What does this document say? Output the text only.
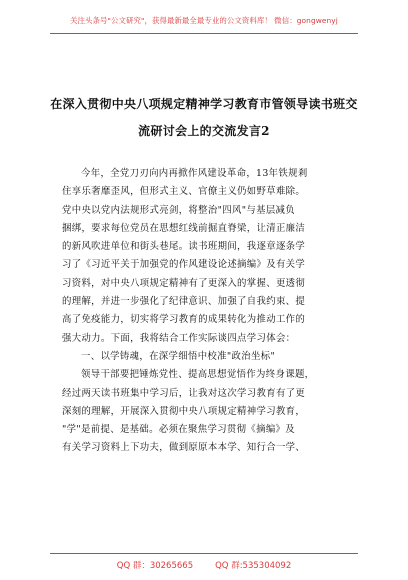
关注头条号"公文研究"，获得最新最全最专业的公文资料库！ 微信：gongwenyj
在深入贯彻中央八项规定精神学习教育市管领导读书班交
流研讨会上的交流发言2
今年，全党刀刃向内再掀作风建设革命，13年铁规剎
住享乐奢靡歪风，但形式主义、官僚主义仍如野草难除。
党中央以党内法规形式亮剑，将整治"四风"与基层减负
捆绑，要求每位党员在思想红线前掘直脊梁，让清正廉洁
的新风吹进单位和街头巷尾。读书班期间，我逐章逐条学
习了《习近平关于加强党的作风建设论述摘编》及有关学
习资料，对中央八项规定精神有了更深入的掌握、更透彻
的理解，并进一步强化了纪律意识、加强了自我约束、提
高了免疫能力，切实将学习教育的成果转化为推动工作的
强大动力。下面，我将结合工作实际谈四点学习体会：
一、以学铸魂，在深学细悟中校准"政治坐标"
领导干部要把锤炼党性、提高思想觉悟作为终身课题，
经过两天读书班集中学习后，让我对这次学习教育有了更
深刻的理解，开展深入贯彻中央八项规定精神学习教育，
"学"是前提、是基础。必须在聚焦学习贯彻《摘编》及
有关学习资料上下功夫，做到原原本本学、知行合一学、
QQ 群：30265665	QQ 群:535304092
